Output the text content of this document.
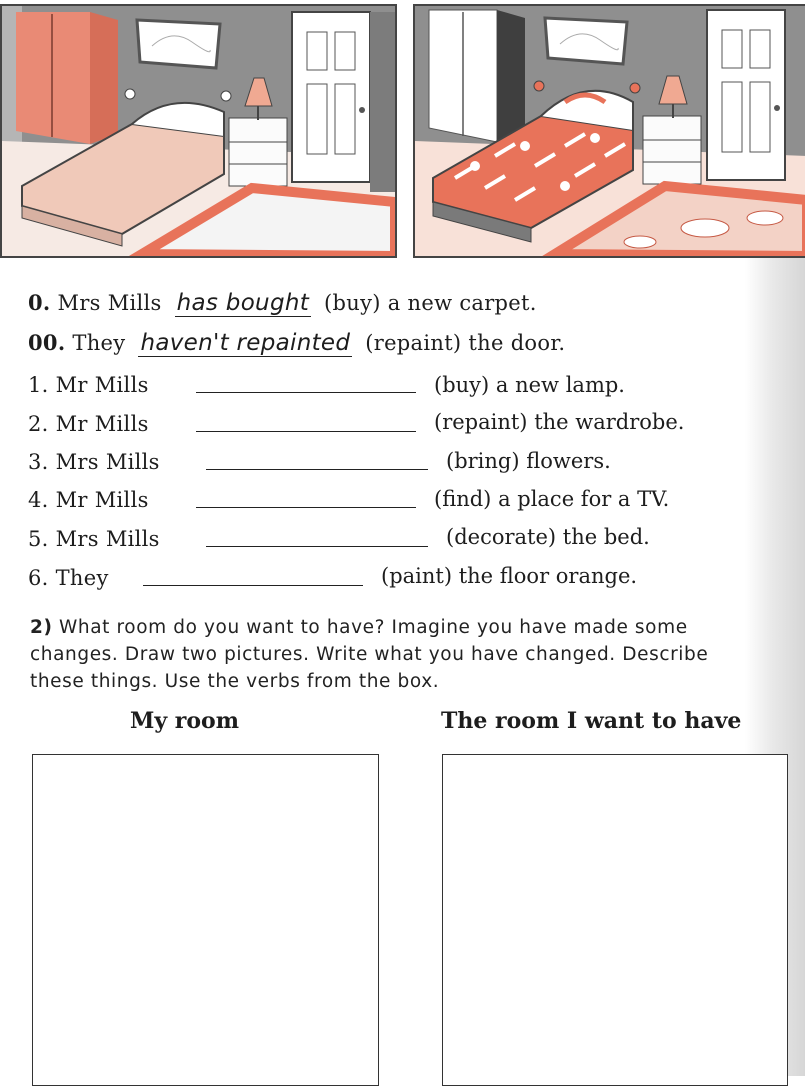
0. Mrs Mills has bought (buy) a new carpet.
00. They haven't repainted (repaint) the door.
1. Mr Mills	(buy) a new lamp.
2. Mr Mills	(repaint) the wardrobe.
3. Mrs Mills	(bring) flowers.
4. Mr Mills	(find) a place for a TV.
5. Mrs Mills	(decorate) the bed.
6. They	(paint) the floor orange.
2) What room do you want to have? Imagine you have made some changes. Draw two pictures. Write what you have changed. Describe these things. Use the verbs from the box.
My room	The room I want to have
